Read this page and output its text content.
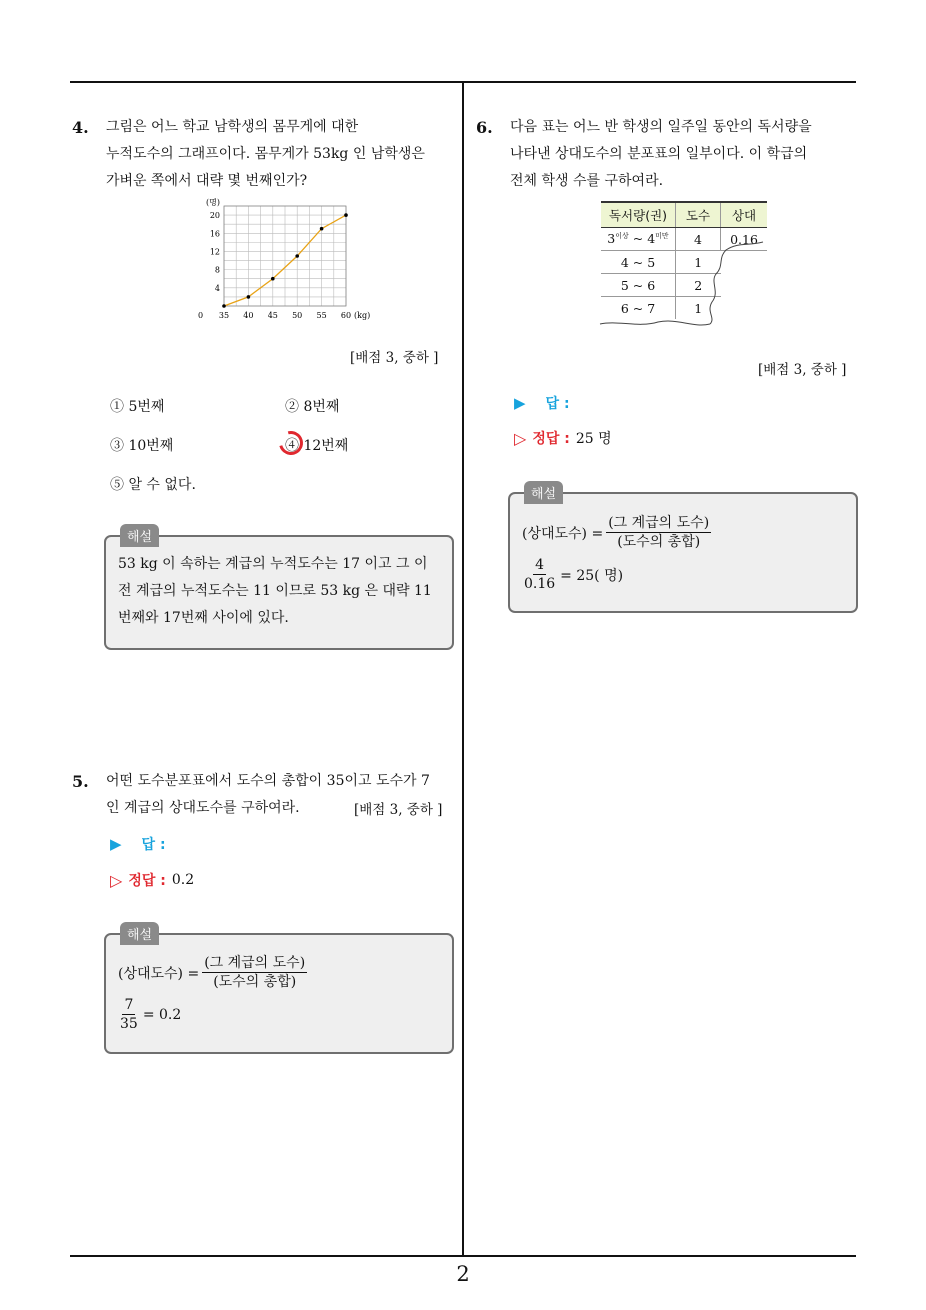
2
4. 그림은 어느 학교 남학생의 몸무게에 대한
누적도수의 그래프이다. 몸무게가 53kg 인 남학생은
가벼운 쪽에서 대략 몇 번째인가?
(명)
4
8
12
16
20
0 35 40 45 50 55 60 (kg)
[배점 3, 중하 ]
① 5번째	② 8번째
③ 10번째	④ 12번째
⑤ 알 수 없다.
해설
53 kg 이 속하는 계급의 누적도수는 17 이고 그 이
전 계급의 누적도수는 11 이므로 53 kg 은 대략 11
번째와 17번째 사이에 있다.
5. 어떤 도수분포표에서 도수의 총합이 35이고 도수가 7
인 계급의 상대도수를 구하여라.	[배점 3, 중하 ]
▶ 답 :
▷ 정답 : 0.2
해설
(상대도수) = $\frac{\text{(그 계급의 도수)}}{\text{(도수의 총합)}}$
$\frac{7}{35} = 0.2$
6. 다음 표는 어느 반 학생의 일주일 동안의 독서량을
나타낸 상대도수의 분포표의 일부이다. 이 학급의
전체 학생 수를 구하여라.
독서량(권)	도수	상대
$3^{이상}$ ~ $4^{미만}$	4	0.16
4 ~ 5	1	
5 ~ 6	2	
6 ~ 7	1	
[배점 3, 중하 ]
▶ 답 :
▷ 정답 : 25 명
해설
(상대도수) = $\frac{\text{(그 계급의 도수)}}{\text{(도수의 총합)}}$
$\frac{4}{0.16} = 25$( 명)
